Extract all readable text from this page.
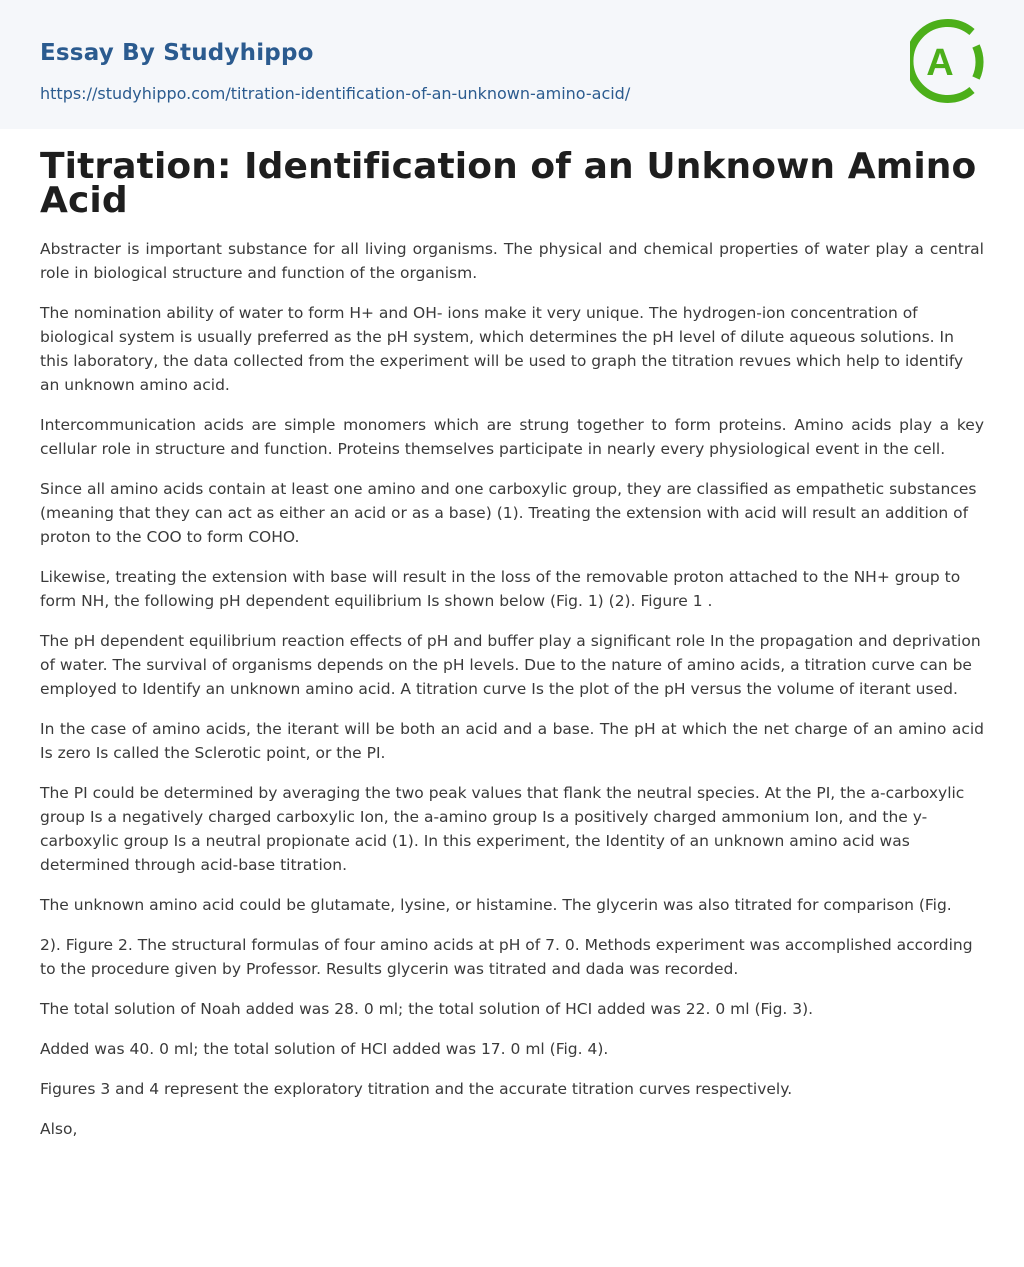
Essay By Studyhippo
https://studyhippo.com/titration-identification-of-an-unknown-amino-acid/
A
Titration: Identification of an Unknown Amino Acid

Abstracter is important substance for all living organisms. The physical and chemical properties of water play a central role in biological structure and function of the organism.

The nomination ability of water to form H+ and OH- ions make it very unique. The hydrogen-ion concentration of biological system is usually preferred as the pH system, which determines the pH level of dilute aqueous solutions. In this laboratory, the data collected from the experiment will be used to graph the titration revues which help to identify an unknown amino acid.

Intercommunication acids are simple monomers which are strung together to form proteins. Amino acids play a key cellular role in structure and function. Proteins themselves participate in nearly every physiological event in the cell.

Since all amino acids contain at least one amino and one carboxylic group, they are classified as empathetic substances (meaning that they can act as either an acid or as a base) (1). Treating the extension with acid will result an addition of proton to the COO to form COHO.

Likewise, treating the extension with base will result in the loss of the removable proton attached to the NH+ group to form NH, the following pH dependent equilibrium Is shown below (Fig. 1) (2). Figure 1 .

The pH dependent equilibrium reaction effects of pH and buffer play a significant role In the propagation and deprivation of water. The survival of organisms depends on the pH levels. Due to the nature of amino acids, a titration curve can be employed to Identify an unknown amino acid. A titration curve Is the plot of the pH versus the volume of iterant used.

In the case of amino acids, the iterant will be both an acid and a base. The pH at which the net charge of an amino acid Is zero Is called the Sclerotic point, or the PI.

The PI could be determined by averaging the two peak values that flank the neutral species. At the PI, the a-carboxylic group Is a negatively charged carboxylic Ion, the a-amino group Is a positively charged ammonium Ion, and the y-carboxylic group Is a neutral propionate acid (1). In this experiment, the Identity of an unknown amino acid was determined through acid-base titration.

The unknown amino acid could be glutamate, lysine, or histamine. The glycerin was also titrated for comparison (Fig.

2). Figure 2. The structural formulas of four amino acids at pH of 7. 0. Methods experiment was accomplished according to the procedure given by Professor. Results glycerin was titrated and dada was recorded.

The total solution of Noah added was 28. 0 ml; the total solution of HCI added was 22. 0 ml (Fig. 3).

Added was 40. 0 ml; the total solution of HCI added was 17. 0 ml (Fig. 4).

Figures 3 and 4 represent the exploratory titration and the accurate titration curves respectively.

Also,
